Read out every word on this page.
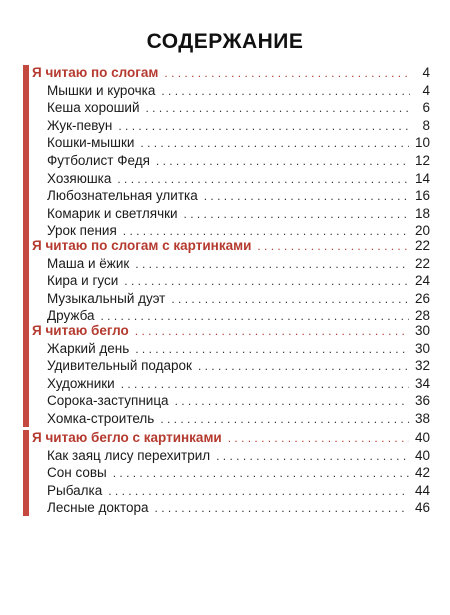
СОДЕРЖАНИЕ
Я читаю по слогам . . .	4
Мышки и курочка . . .	4
Кеша хороший . . .	6
Жук-певун . . .	8
Кошки-мышки . . .	10
Футболист Федя . . .	12
Хозяюшка . . .	14
Любознательная улитка . . .	16
Комарик и светлячки . . .	18
Урок пения . . .	20
Я читаю по слогам с картинками . . .	22
Маша и ёжик . . .	22
Кира и гуси . . .	24
Музыкальный дуэт . . .	26
Дружба . . .	28
Я читаю бегло . . .	30
Жаркий день . . .	30
Удивительный подарок . . .	32
Художники . . .	34
Сорока-заступница . . .	36
Хомка-строитель . . .	38
Я читаю бегло с картинками . . .	40
Как заяц лису перехитрил . . .	40
Сон совы . . .	42
Рыбалка . . .	44
Лесные доктора . . .	46
